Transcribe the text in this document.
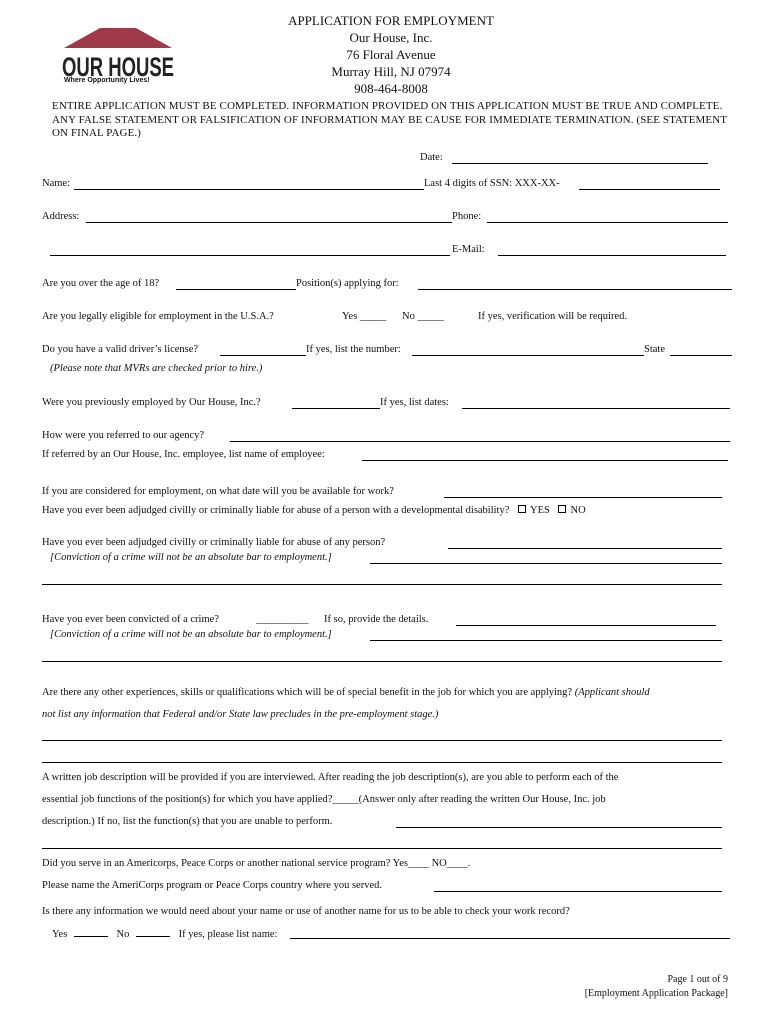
OUR HOUSE
Where Opportunity Lives!
APPLICATION FOR EMPLOYMENT
Our House, Inc.
76 Floral Avenue
Murray Hill, NJ 07974
908-464-8008
ENTIRE APPLICATION MUST BE COMPLETED. INFORMATION PROVIDED ON THIS APPLICATION MUST BE TRUE AND COMPLETE. ANY FALSE STATEMENT OR FALSIFICATION OF INFORMATION MAY BE CAUSE FOR IMMEDIATE TERMINATION. (SEE STATEMENT ON FINAL PAGE.)
Date:
Name:	Last 4 digits of SSN: XXX-XX-
Address:	Phone:
E-Mail:
Are you over the age of 18?	Position(s) applying for:
Are you legally eligible for employment in the U.S.A.?	Yes _____ No _____	If yes, verification will be required.
Do you have a valid driver’s license?	If yes, list the number:	State
(Please note that MVRs are checked prior to hire.)
Were you previously employed by Our House, Inc.?	If yes, list dates:
How were you referred to our agency?
If referred by an Our House, Inc. employee, list name of employee:
If you are considered for employment, on what date will you be available for work?
Have you ever been adjudged civilly or criminally liable for abuse of a person with a developmental disability? YES NO
Have you ever been adjudged civilly or criminally liable for abuse of any person?
[Conviction of a crime will not be an absolute bar to employment.]
Have you ever been convicted of a crime?	__________ If so, provide the details.
[Conviction of a crime will not be an absolute bar to employment.]
Are there any other experiences, skills or qualifications which will be of special benefit in the job for which you are applying? (Applicant should
not list any information that Federal and/or State law precludes in the pre-employment stage.)
A written job description will be provided if you are interviewed. After reading the job description(s), are you able to perform each of the
essential job functions of the position(s) for which you have applied?_____(Answer only after reading the written Our House, Inc. job
description.) If no, list the function(s) that you are unable to perform.
Did you serve in an Americorps, Peace Corps or another national service program? Yes____ NO____.
Please name the AmeriCorps program or Peace Corps country where you served.
Is there any information we would need about your name or use of another name for us to be able to check your work record?
Yes	No	If yes, please list name:
Page 1 out of 9
[Employment Application Package]
